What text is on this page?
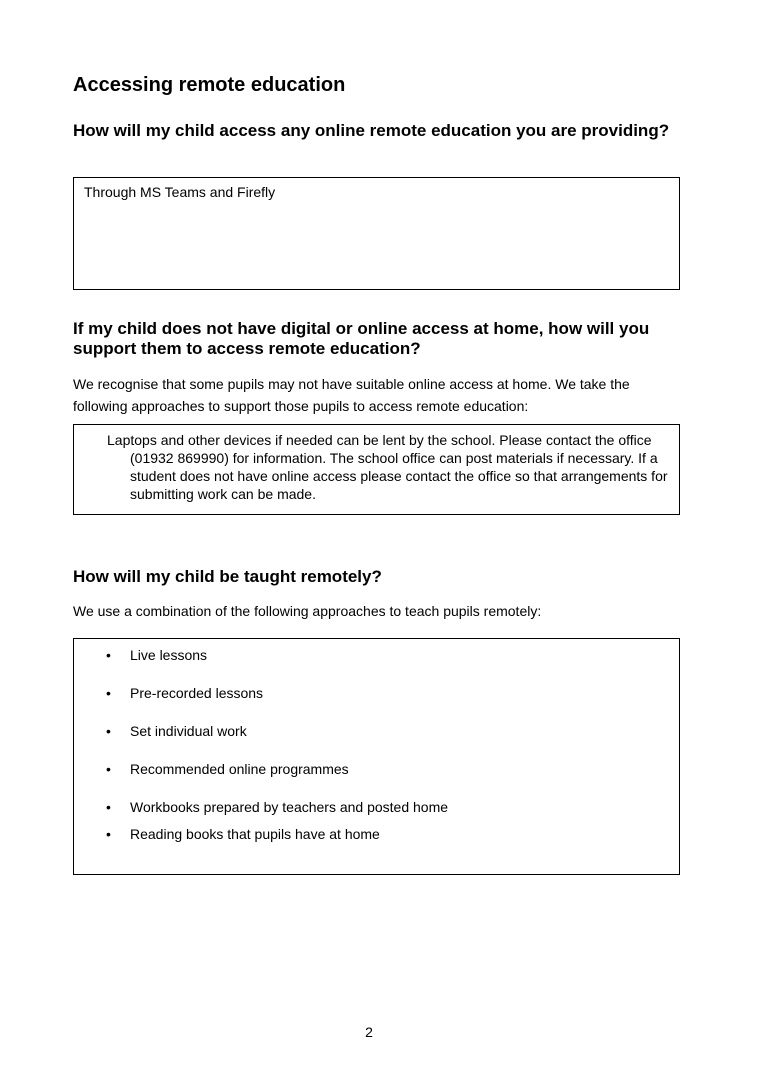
Accessing remote education
How will my child access any online remote education you are providing?
Through MS Teams and Firefly
If my child does not have digital or online access at home, how will you support them to access remote education?

We recognise that some pupils may not have suitable online access at home. We take the following approaches to support those pupils to access remote education:

Laptops and other devices if needed can be lent by the school. Please contact the office (01932 869990) for information. The school office can post materials if necessary. If a student does not have online access please contact the office so that arrangements for submitting work can be made.

How will my child be taught remotely?

We use a combination of the following approaches to teach pupils remotely:

• Live lessons
• Pre-recorded lessons
• Set individual work
• Recommended online programmes
• Workbooks prepared by teachers and posted home
• Reading books that pupils have at home
2
